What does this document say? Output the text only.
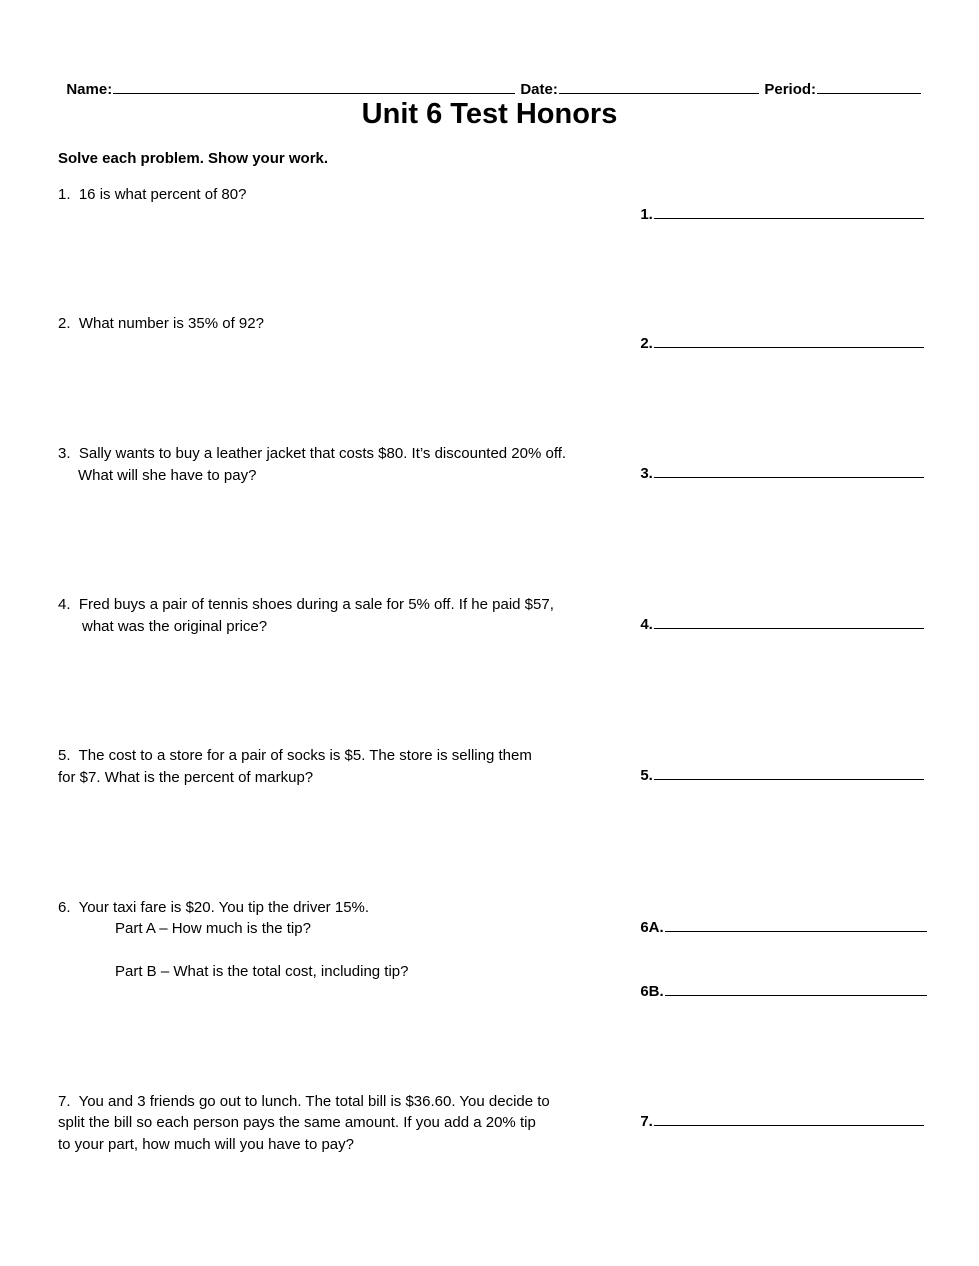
Name:	Date:	Period:

Unit 6 Test Honors
Solve each problem. Show your work.
1.  16 is what percent of 80?

1.

2.  What number is 35% of 92?

2.

3.  Sally wants to buy a leather jacket that costs $80. It’s discounted 20% off.
What will she have to pay?	3.

4.  Fred buys a pair of tennis shoes during a sale for 5% off. If he paid $57,
what was the original price?	4.

5.  The cost to a store for a pair of socks is $5. The store is selling them
for $7. What is the percent of markup?	5.

6.  Your taxi fare is $20. You tip the driver 15%.
Part A – How much is the tip?
Part B – What is the total cost, including tip?

6A.

6B.

7.  You and 3 friends go out to lunch. The total bill is $36.60. You decide to
split the bill so each person pays the same amount. If you add a 20% tip
to your part, how much will you have to pay?

7.
